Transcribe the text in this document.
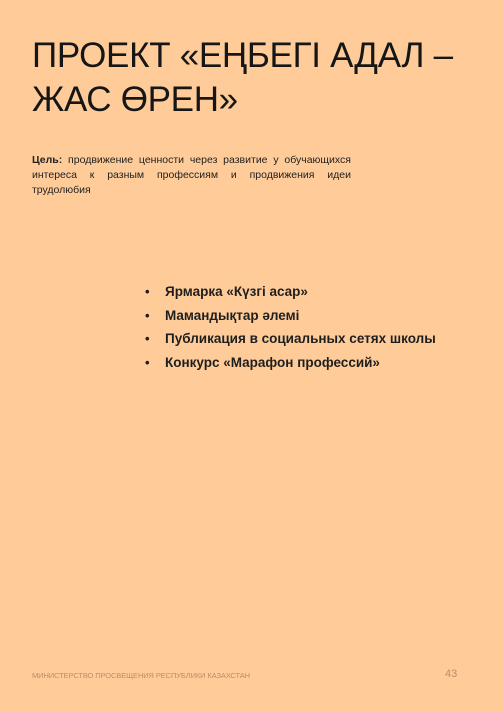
ПРОЕКТ «ЕҢБЕГІ АДАЛ –
ЖАС ӨРЕН»

Цель: продвижение ценности через развитие у обучающихся интереса к разным профессиям и продвижения идеи трудолюбия

• Ярмарка «Күзгі асар»
• Мамандықтар әлемі
• Публикация в социальных сетях школы
• Конкурс «Марафон профессий»
МИНИСТЕРСТВО ПРОСВЕЩЕНИЯ РЕСПУБЛИКИ КАЗАХСТАН	43
